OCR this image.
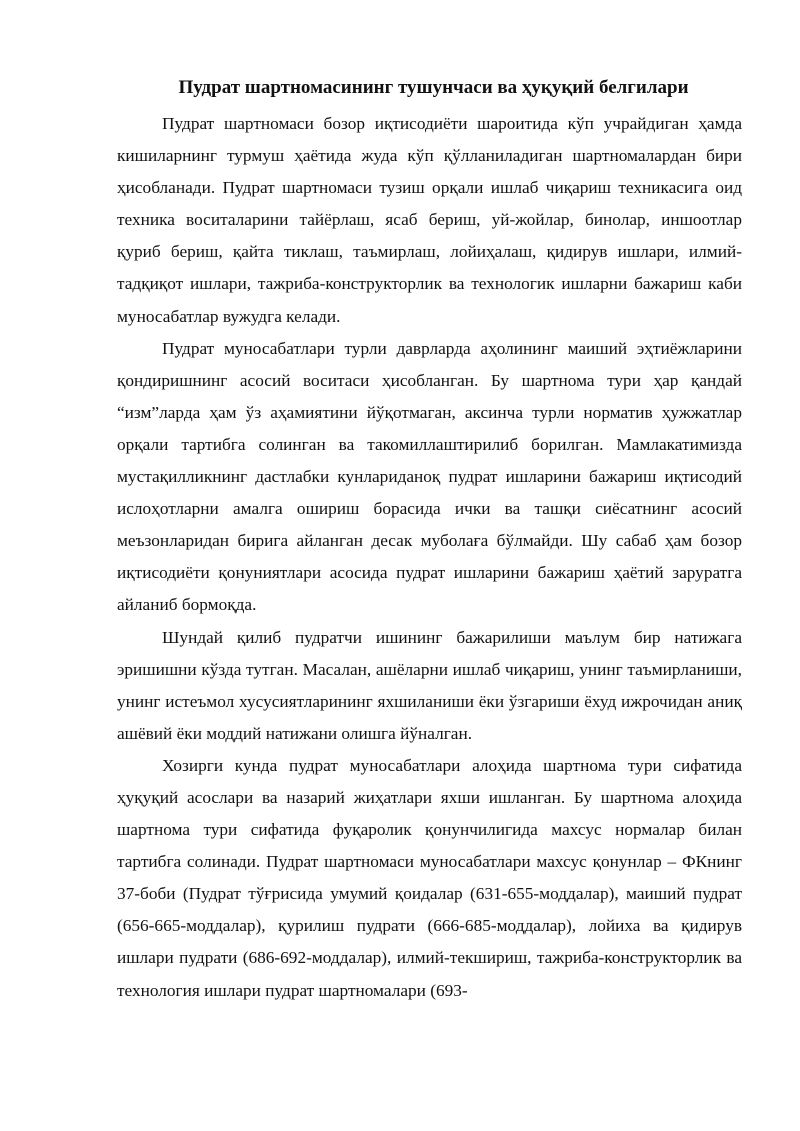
Пудрат шартномасининг тушунчаси ва ҳуқуқий белгилари

Пудрат шартномаси бозор иқтисодиёти шароитида кўп учрайдиган ҳамда кишиларнинг турмуш ҳаётида жуда кўп қўлланиладиган шартномалардан бири ҳисобланади. Пудрат шартномаси тузиш орқали ишлаб чиқариш техникасига оид техника воситаларини тайёрлаш, ясаб бериш, уй-жойлар, бинолар, иншоотлар қуриб бериш, қайта тиклаш, таъмирлаш, лойиҳалаш, қидирув ишлари, илмий-тадқиқот ишлари, тажриба-конструкторлик ва технологик ишларни бажариш каби муносабатлар вужудга келади.

Пудрат муносабатлари турли даврларда аҳолининг маиший эҳтиёжларини қондиришнинг асосий воситаси ҳисобланган. Бу шартнома тури ҳар қандай “изм”ларда ҳам ўз аҳамиятини йўқотмаган, аксинча турли норматив ҳужжатлар орқали тартибга солинган ва такомиллаштирилиб борилган. Мамлакатимизда мустақилликнинг дастлабки кунлариданоқ пудрат ишларини бажариш иқтисодий ислоҳотларни амалга ошириш борасида ички ва ташқи сиёсатнинг асосий меъзонларидан бирига айланган десак муболаға бўлмайди. Шу сабаб ҳам бозор иқтисодиёти қонуниятлари асосида пудрат ишларини бажариш ҳаётий заруратга айланиб бормоқда.

Шундай қилиб пудратчи ишининг бажарилиши маълум бир натижага эришишни кўзда тутган. Масалан, ашёларни ишлаб чиқариш, унинг таъмирланиши, унинг истеъмол хусусиятларининг яхшиланиши ёки ўзгариши ёхуд ижрочидан аниқ ашёвий ёки моддий натижани олишга йўналган.

Хозирги кунда пудрат муносабатлари алоҳида шартнома тури сифатида ҳуқуқий асослари ва назарий жиҳатлари яхши ишланган. Бу шартнома алоҳида шартнома тури сифатида фуқаролик қонунчилигида махсус нормалар билан тартибга солинади. Пудрат шартномаси муносабатлари махсус қонунлар – ФКнинг 37-боби (Пудрат тўғрисида умумий қоидалар (631-655-моддалар), маиший пудрат (656-665-моддалар), қурилиш пудрати (666-685-моддалар), лойиха ва қидирув ишлари пудрати (686-692-моддалар), илмий-текшириш, тажриба-конструкторлик ва технология ишлари пудрат шартномалари (693-
